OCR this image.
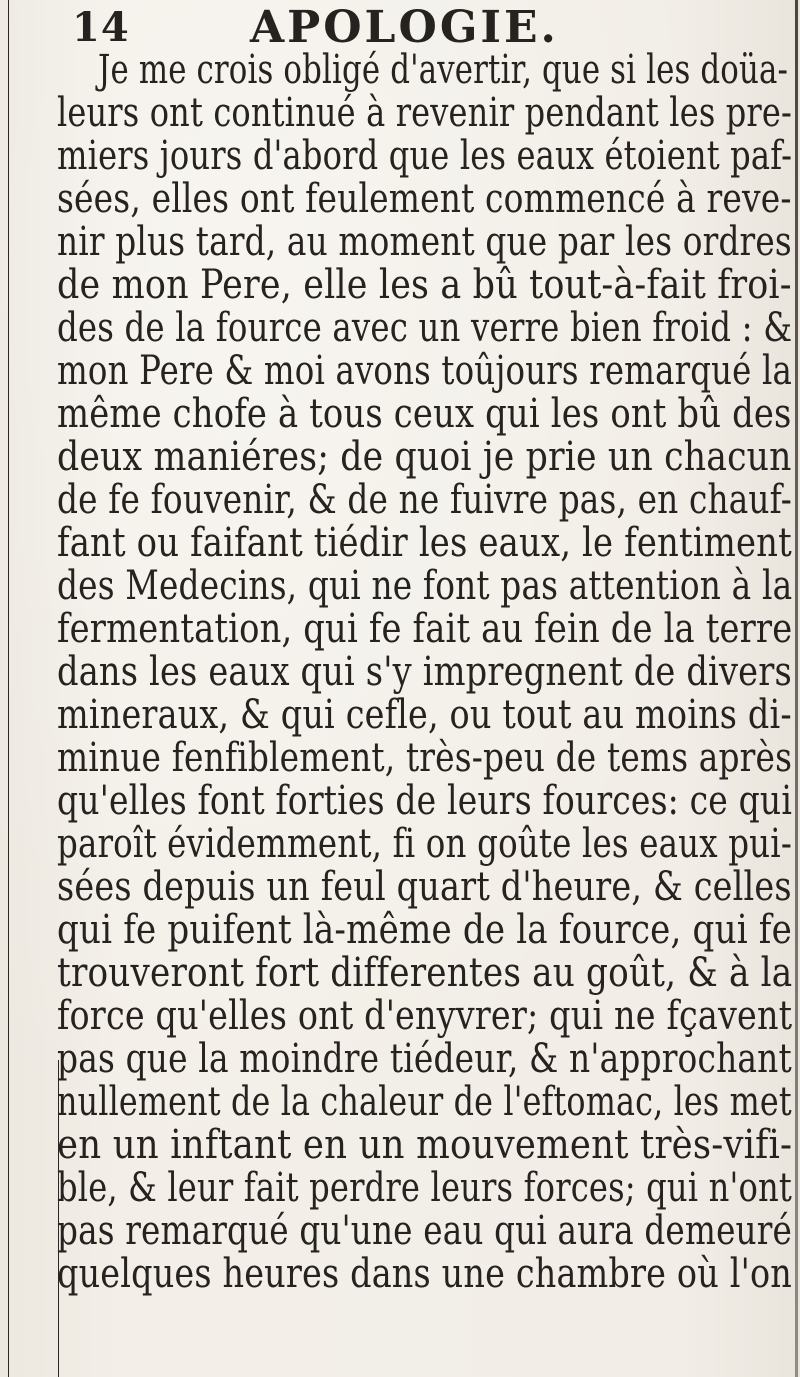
14	APOLOGIE.
Je me crois obligé d'avertir, que si les doüa-
leurs ont continué à revenir pendant les pre-
miers jours d'abord que les eaux étoient paf-
sées, elles ont feulement commencé à reve-
nir plus tard, au moment que par les ordres
de mon Pere, elle les a bû tout-à-fait froi-
des de la fource avec un verre bien froid : &
mon Pere & moi avons toûjours remarqué la
même chofe à tous ceux qui les ont bû des
deux maniéres; de quoi je prie un chacun
de fe fouvenir, & de ne fuivre pas, en chauf-
fant ou faifant tiédir les eaux, le fentiment
des Medecins, qui ne font pas attention à la
fermentation, qui fe fait au fein de la terre
dans les eaux qui s'y impregnent de divers
mineraux, & qui cefle, ou tout au moins di-
minue fenfiblement, très-peu de tems après
qu'elles font forties de leurs fources: ce qui
paroît évidemment, fi on goûte les eaux pui-
sées depuis un feul quart d'heure, & celles
qui fe puifent là-même de la fource, qui fe
trouveront fort differentes au goût, & à la
force qu'elles ont d'enyvrer; qui ne fçavent
pas que la moindre tiédeur, & n'approchant
nullement de la chaleur de l'eftomac, les met
en un inftant en un mouvement très-vifi-
ble, & leur fait perdre leurs forces; qui n'ont
pas remarqué qu'une eau qui aura demeuré
quelques heures dans une chambre où l'on
